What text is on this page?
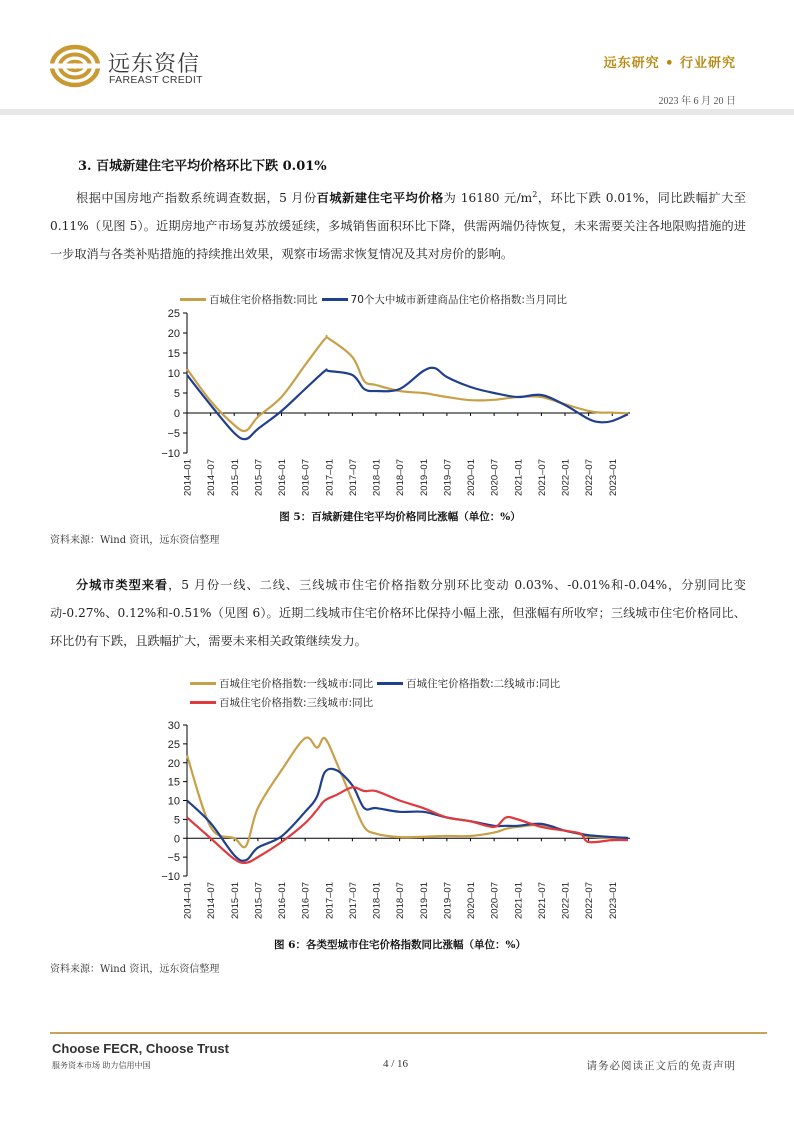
远东资信
FAREAST CREDIT
远东研究 • 行业研究
2023 年 6 月 20 日
3. 百城新建住宅平均价格环比下跌 0.01%
根据中国房地产指数系统调查数据，5 月份百城新建住宅平均价格为 16180 元$/m^2$，环比下跌 0.01%，同比跌幅扩大至 0.11%（见图 5）。近期房地产市场复苏放缓延续，多城销售面积环比下降，供需两端仍待恢复，未来需要关注各地限购措施的进一步取消与各类补贴措施的持续推出效果，观察市场需求恢复情况及其对房价的影响。
百城住宅价格指数:同比	70个大中城市新建商品住宅价格指数:当月同比
25
20
15
10
5
0
−5
−10
2014–01 2014–07 2015–01 2015–07 2016–01 2016–07 2017–01 2017–07 2018–01 2018–07 2019–01 2019–07 2020–01 2020–07 2021–01 2021–07 2022–01 2022–07 2023–01
图 5：百城新建住宅平均价格同比涨幅（单位：%）
资料来源：Wind 资讯，远东资信整理
分城市类型来看，5 月份一线、二线、三线城市住宅价格指数分别环比变动 0.03%、-0.01%和-0.04%，分别同比变动-0.27%、0.12%和-0.51%（见图 6）。近期二线城市住宅价格环比保持小幅上涨，但涨幅有所收窄；三线城市住宅价格同比、环比仍有下跌，且跌幅扩大，需要未来相关政策继续发力。
百城住宅价格指数:一线城市:同比	百城住宅价格指数:二线城市:同比
百城住宅价格指数:三线城市:同比
30
25
20
15
10
5
0
−5
−10
2014–01 2014–07 2015–01 2015–07 2016–01 2016–07 2017–01 2017–07 2018–01 2018–07 2019–01 2019–07 2020–01 2020–07 2021–01 2021–07 2022–01 2022–07 2023–01
图 6：各类型城市住宅价格指数同比涨幅（单位：%）
资料来源：Wind 资讯，远东资信整理
Choose FECR, Choose Trust
服务资本市场 助力信用中国	4 / 16	请务必阅读正文后的免责声明
